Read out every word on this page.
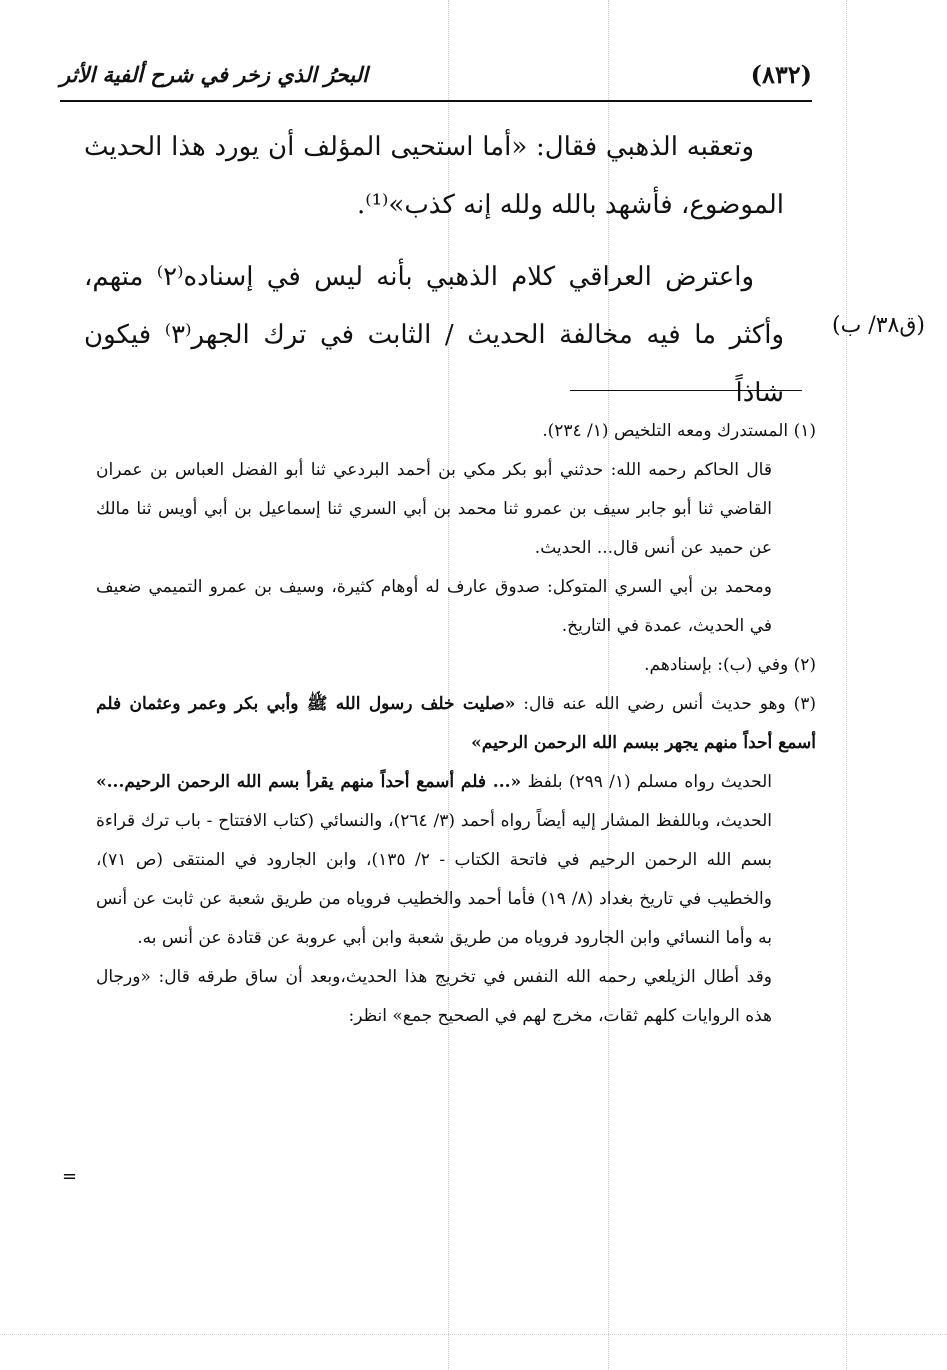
(٨٣٢)
البحرُ الذي زخر في شرح ألفية الأثر

وتعقبه الذهبي فقال: «أما استحيى المؤلف أن يورد هذا الحديث الموضوع، فأشهد بالله ولله إنه كذب»⁽¹⁾.

واعترض العراقي كلام الذهبي بأنه ليس في إسناده⁽٢⁾ متهم، وأكثر ما فيه مخالفة الحديث / الثابت في ترك الجهر⁽٣⁾ فيكون شاذاً

(ق٣٨/ ب)

(١) المستدرك ومعه التلخيص (١/ ٢٣٤).

قال الحاكم رحمه الله: حدثني أبو بكر مكي بن أحمد البردعي ثنا أبو الفضل العباس بن عمران القاضي ثنا أبو جابر سيف بن عمرو ثنا محمد بن أبي السري ثنا إسماعيل بن أبي أويس ثنا مالك عن حميد عن أنس قال... الحديث.

ومحمد بن أبي السري المتوكل: صدوق عارف له أوهام كثيرة، وسيف بن عمرو التميمي ضعيف في الحديث، عمدة في التاريخ.

(٢) وفي (ب): بإسنادهم.

(٣) وهو حديث أنس رضي الله عنه قال: «صليت خلف رسول الله ﷺ وأبي بكر وعمر وعثمان فلم أسمع أحداً منهم يجهر ببسم الله الرحمن الرحيم»

الحديث رواه مسلم (١/ ٢٩٩) بلفظ «... فلم أسمع أحداً منهم يقرأ بسم الله الرحمن الرحيم...» الحديث، وباللفظ المشار إليه أيضاً رواه أحمد (٣/ ٢٦٤)، والنسائي (كتاب الافتتاح - باب ترك قراءة بسم الله الرحمن الرحيم في فاتحة الكتاب - ٢/ ١٣٥)، وابن الجارود في المنتقى (ص ٧١)، والخطيب في تاريخ بغداد (٨/ ١٩) فأما أحمد والخطيب فروياه من طريق شعبة عن ثابت عن أنس به وأما النسائي وابن الجارود فروياه من طريق شعبة وابن أبي عروبة عن قتادة عن أنس به.

وقد أطال الزيلعي رحمه الله النفس في تخريج هذا الحديث،وبعد أن ساق طرقه قال: «ورجال هذه الروايات كلهم ثقات، مخرج لهم في الصحيح جمع» انظر:

=
